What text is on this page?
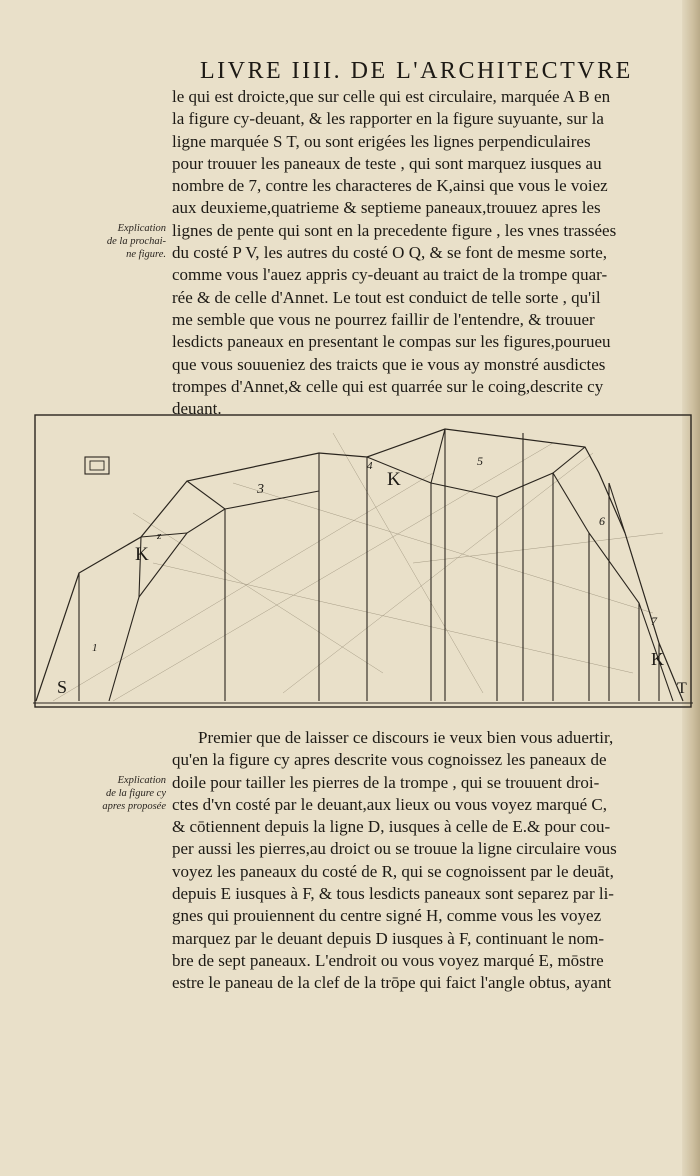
LIVRE IIII. DE L'ARCHITECTVRE
le qui est droicte,que sur celle qui est circulaire, marquée A B en
la figure cy-deuant, & les rapporter en la figure suyuante, sur la
ligne marquée S T, ou sont erigées les lignes perpendiculaires
pour trouuer les paneaux de teste , qui sont marquez iusques au
nombre de 7, contre les characteres de K,ainsi que vous le voiez
aux deuxieme,quatrieme & septieme paneaux,trouuez apres les
lignes de pente qui sont en la precedente figure , les vnes trassées
du costé P V, les autres du costé O Q, & se font de mesme sorte,
comme vous l'auez appris cy-deuant au traict de la trompe quar-
rée & de celle d'Annet. Le tout est conduict de telle sorte , qu'il
me semble que vous ne pourrez faillir de l'entendre, & trouuer
lesdicts paneaux en presentant le compas sur les figures,pourueu
que vous souueniez des traicts que ie vous ay monstré ausdictes
trompes d'Annet,& celle qui est quarrée sur le coing,descrite cy
deuant.
Explication
de la prochai-
ne figure.
S	T
K
z
1
3	K
4	5
6
7
K
Premier que de laisser ce discours ie veux bien vous aduertir,
qu'en la figure cy apres descrite vous cognoissez les paneaux de
doile pour tailler les pierres de la trompe , qui se trouuent droi-
ctes d'vn costé par le deuant,aux lieux ou vous voyez marqué C,
& cōtiennent depuis la ligne D, iusques à celle de E.& pour cou-
per aussi les pierres,au droict ou se trouue la ligne circulaire vous
voyez les paneaux du costé de R, qui se cognoissent par le deuāt,
depuis E iusques à F, & tous lesdicts paneaux sont separez par li-
gnes qui prouiennent du centre signé H, comme vous les voyez
marquez par le deuant depuis D iusques à F, continuant le nom-
bre de sept paneaux. L'endroit ou vous voyez marqué E, mōstre
estre le paneau de la clef de la trōpe qui faict l'angle obtus, ayant
Explication
de la figure cy
apres proposée
